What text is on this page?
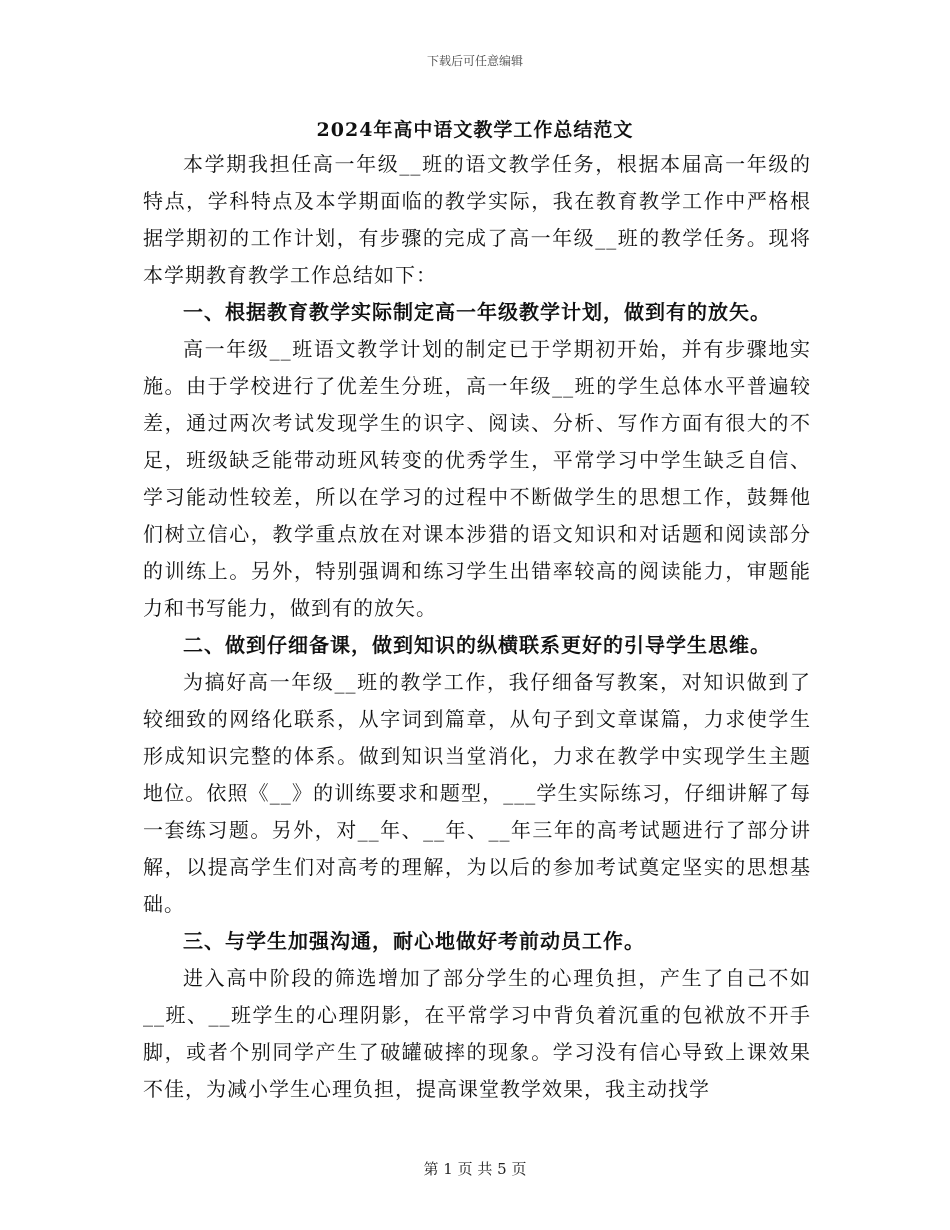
下载后可任意编辑
2024年高中语文教学工作总结范文

本学期我担任高一年级__班的语文教学任务，根据本届高一年级的特点，学科特点及本学期面临的教学实际，我在教育教学工作中严格根据学期初的工作计划，有步骤的完成了高一年级__班的教学任务。现将本学期教育教学工作总结如下：

一、根据教育教学实际制定高一年级教学计划，做到有的放矢。

高一年级__班语文教学计划的制定已于学期初开始，并有步骤地实施。由于学校进行了优差生分班，高一年级__班的学生总体水平普遍较差，通过两次考试发现学生的识字、阅读、分析、写作方面有很大的不足，班级缺乏能带动班风转变的优秀学生，平常学习中学生缺乏自信、学习能动性较差，所以在学习的过程中不断做学生的思想工作，鼓舞他们树立信心，教学重点放在对课本涉猎的语文知识和对话题和阅读部分的训练上。另外，特别强调和练习学生出错率较高的阅读能力，审题能力和书写能力，做到有的放矢。

二、做到仔细备课，做到知识的纵横联系更好的引导学生思维。

为搞好高一年级__班的教学工作，我仔细备写教案，对知识做到了较细致的网络化联系，从字词到篇章，从句子到文章谋篇，力求使学生形成知识完整的体系。做到知识当堂消化，力求在教学中实现学生主题地位。依照《__》的训练要求和题型，___学生实际练习，仔细讲解了每一套练习题。另外，对__年、__年、__年三年的高考试题进行了部分讲解，以提高学生们对高考的理解，为以后的参加考试奠定坚实的思想基础。

三、与学生加强沟通，耐心地做好考前动员工作。

进入高中阶段的筛选增加了部分学生的心理负担，产生了自己不如__班、__班学生的心理阴影，在平常学习中背负着沉重的包袱放不开手脚，或者个别同学产生了破罐破摔的现象。学习没有信心导致上课效果不佳，为减小学生心理负担，提高课堂教学效果，我主动找学

第 1 页 共 5 页
